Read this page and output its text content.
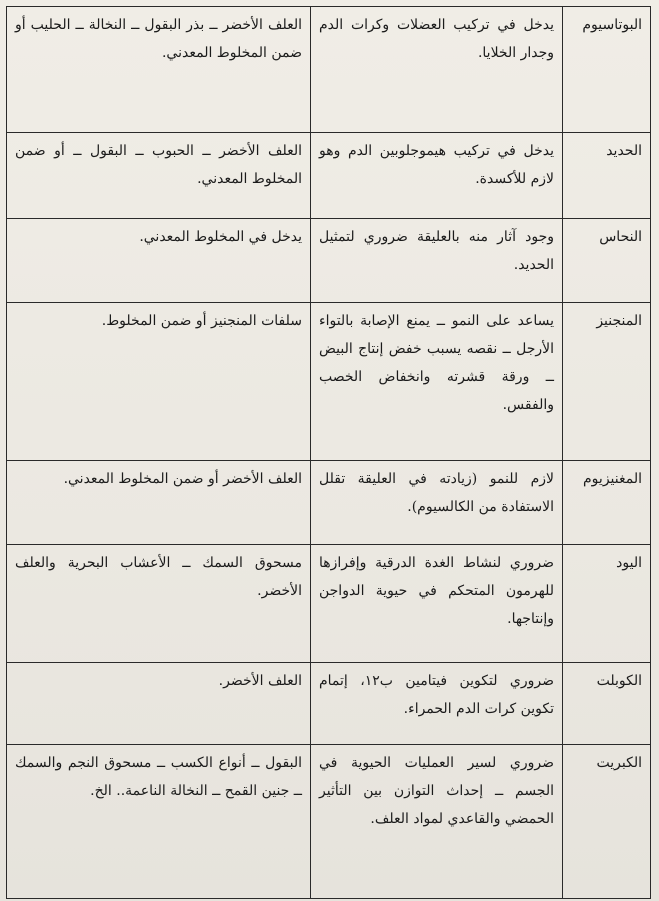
البوتاسيوم	يدخل في تركيب العضلات وكرات الدم وجدار الخلايا.	العلف الأخضر ــ بذر البقول ــ النخالة ــ الحليب أو ضمن المخلوط المعدني.
الحديد	يدخل في تركيب هيموجلوبين الدم وهو لازم للأكسدة.	العلف الأخضر ــ الحبوب ــ البقول ــ أو ضمن المخلوط المعدني.
النحاس	وجود آثار منه بالعليقة ضروري لتمثيل الحديد.	يدخل في المخلوط المعدني.
المنجنيز	يساعد على النمو ــ يمنع الإصابة بالتواء الأرجل ــ نقصه يسبب خفض إنتاج البيض ــ ورقة قشرته وانخفاض الخصب والفقس.	سلفات المنجنيز أو ضمن المخلوط.
المغنيزيوم	لازم للنمو (زيادته في العليقة تقلل الاستفادة من الكالسيوم).	العلف الأخضر أو ضمن المخلوط المعدني.
اليود	ضروري لنشاط الغدة الدرقية وإفرازها للهرمون المتحكم في حيوية الدواجن وإنتاجها.	مسحوق السمك ــ الأعشاب البحرية والعلف الأخضر.
الكوبلت	ضروري لتكوين فيتامين ب١٢، إتمام تكوين كرات الدم الحمراء.	العلف الأخضر.
الكبريت	ضروري لسير العمليات الحيوية في الجسم ــ إحداث التوازن بين التأثير الحمضي والقاعدي لمواد العلف.	البقول ــ أنواع الكسب ــ مسحوق النجم والسمك ــ جنين القمح ــ النخالة الناعمة.. الخ.
